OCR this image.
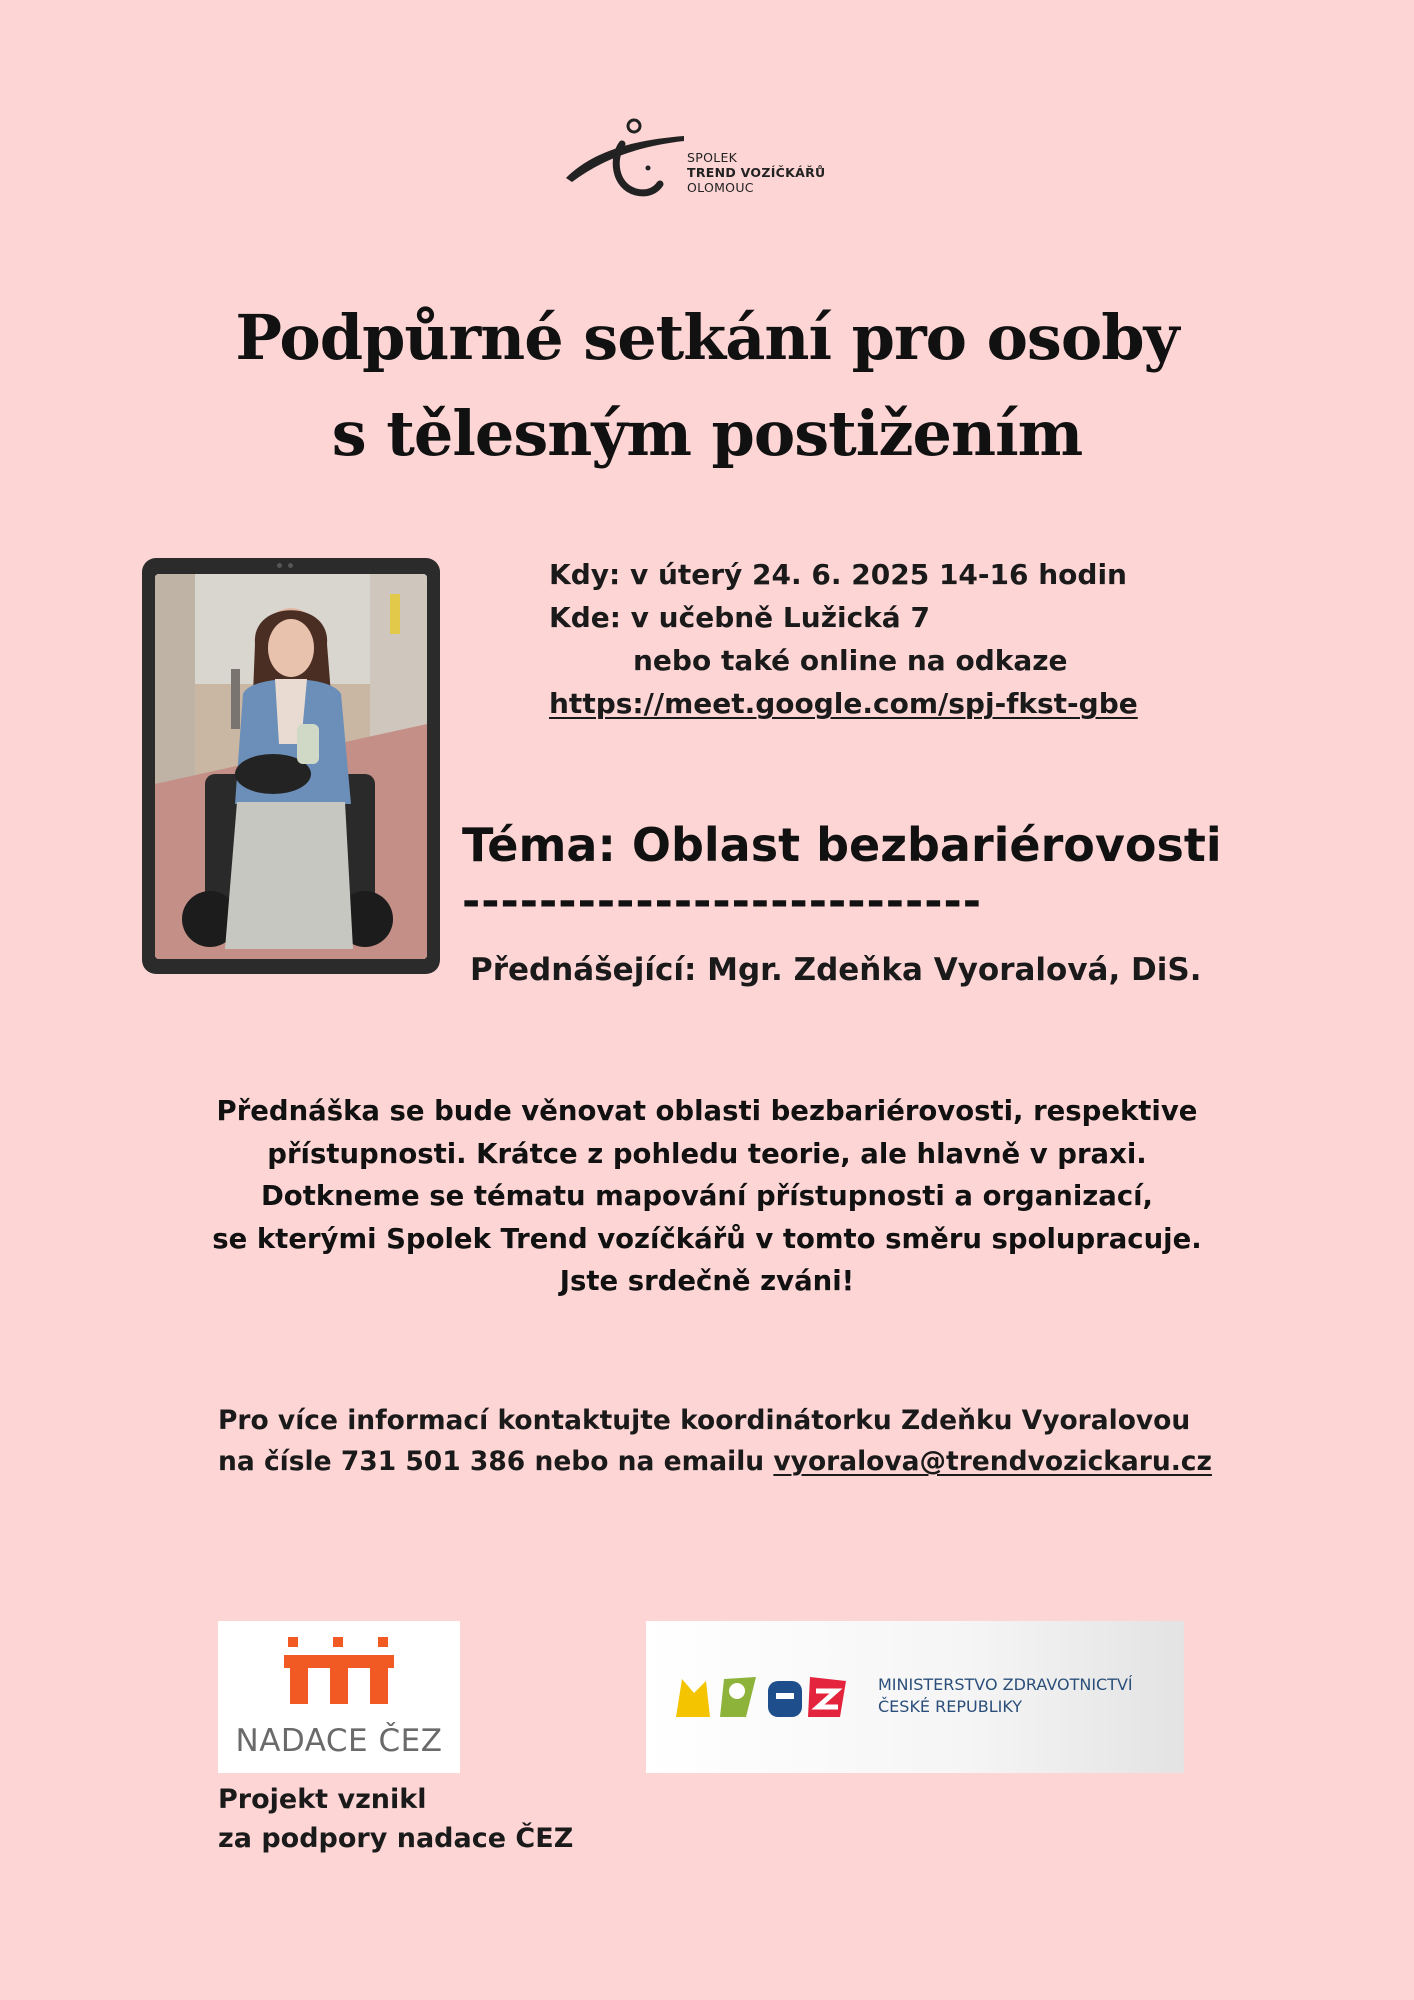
SPOLEK
TREND VOZÍČKÁŘŮ
OLOMOUC
Podpůrné setkání pro osoby
s tělesným postižením
Kdy: v úterý 24. 6. 2025 14-16 hodin
Kde: v učebně Lužická 7
nebo také online na odkaze
https://meet.google.com/spj-fkst-gbe
Téma: Oblast bezbariérovosti
---------------------------
Přednášející: Mgr. Zdeňka Vyoralová, DiS.
Přednáška se bude věnovat oblasti bezbariérovosti, respektive
přístupnosti. Krátce z pohledu teorie, ale hlavně v praxi.
Dotkneme se tématu mapování přístupnosti a organizací,
se kterými Spolek Trend vozíčkářů v tomto směru spolupracuje.
Jste srdečně zváni!
Pro více informací kontaktujte koordinátorku Zdeňku Vyoralovou
na čísle 731 501 386 nebo na emailu vyoralova@trendvozickaru.cz
NADACE ČEZ
Projekt vznikl
za podpory nadace ČEZ
MINISTERSTVO ZDRAVOTNICTVÍ
ČESKÉ REPUBLIKY
